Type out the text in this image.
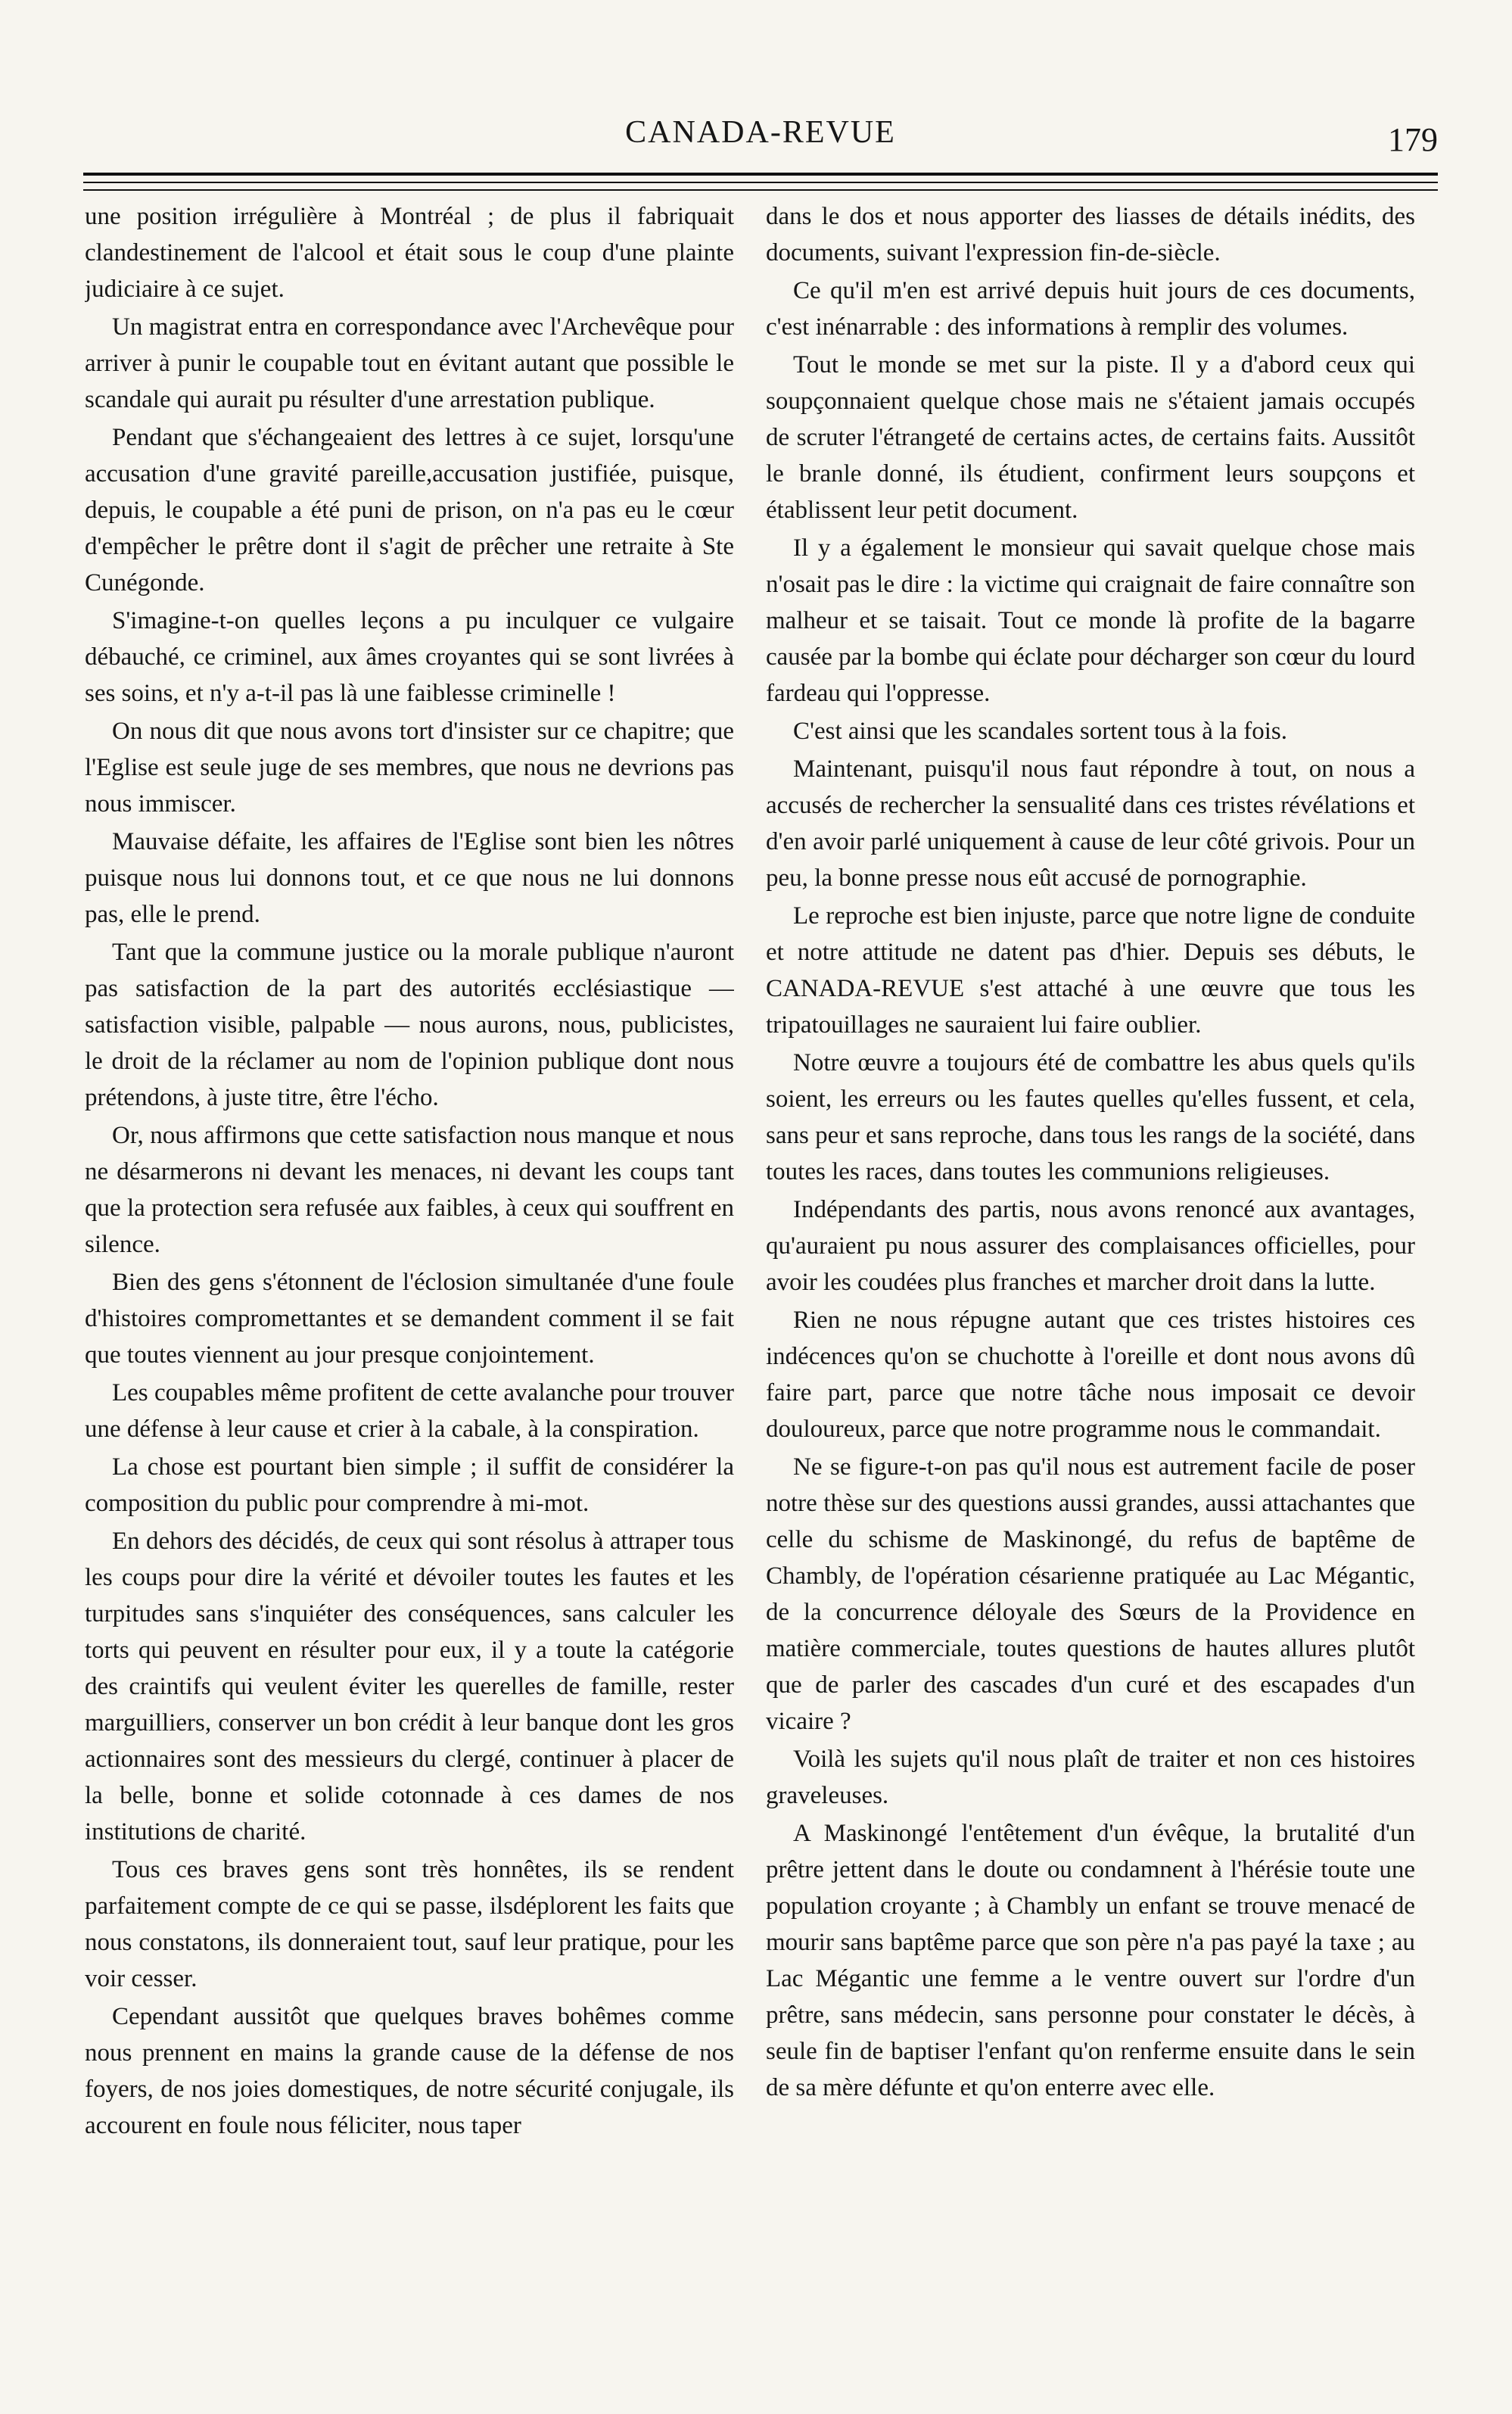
CANADA-REVUE	179

une position irrégulière à Montréal ; de plus il fabriquait clandestinement de l'alcool et était sous le coup d'une plainte judiciaire à ce sujet.

Un magistrat entra en correspondance avec l'Archevêque pour arriver à punir le coupable tout en évitant autant que possible le scandale qui aurait pu résulter d'une arrestation publique.

Pendant que s'échangeaient des lettres à ce sujet, lorsqu'une accusation d'une gravité pareille,accusation justifiée, puisque, depuis, le coupable a été puni de prison, on n'a pas eu le cœur d'empêcher le prêtre dont il s'agit de prêcher une retraite à Ste Cunégonde.

S'imagine-t-on quelles leçons a pu inculquer ce vulgaire débauché, ce criminel, aux âmes croyantes qui se sont livrées à ses soins, et n'y a-t-il pas là une faiblesse criminelle !

On nous dit que nous avons tort d'insister sur ce chapitre; que l'Eglise est seule juge de ses membres, que nous ne devrions pas nous immiscer.

Mauvaise défaite, les affaires de l'Eglise sont bien les nôtres puisque nous lui donnons tout, et ce que nous ne lui donnons pas, elle le prend.

Tant que la commune justice ou la morale publique n'auront pas satisfaction de la part des autorités ecclésiastique — satisfaction visible, palpable — nous aurons, nous, publicistes, le droit de la réclamer au nom de l'opinion publique dont nous prétendons, à juste titre, être l'écho.

Or, nous affirmons que cette satisfaction nous manque et nous ne désarmerons ni devant les menaces, ni devant les coups tant que la protection sera refusée aux faibles, à ceux qui souffrent en silence.

Bien des gens s'étonnent de l'éclosion simultanée d'une foule d'histoires compromettantes et se demandent comment il se fait que toutes viennent au jour presque conjointement.

Les coupables même profitent de cette avalanche pour trouver une défense à leur cause et crier à la cabale, à la conspiration.

La chose est pourtant bien simple ; il suffit de considérer la composition du public pour comprendre à mi-mot.

En dehors des décidés, de ceux qui sont résolus à attraper tous les coups pour dire la vérité et dévoiler toutes les fautes et les turpitudes sans s'inquiéter des conséquences, sans calculer les torts qui peuvent en résulter pour eux, il y a toute la catégorie des craintifs qui veulent éviter les querelles de famille, rester marguilliers, conserver un bon crédit à leur banque dont les gros actionnaires sont des messieurs du clergé, continuer à placer de la belle, bonne et solide cotonnade à ces dames de nos institutions de charité.

Tous ces braves gens sont très honnêtes, ils se rendent parfaitement compte de ce qui se passe, ilsdéplorent les faits que nous constatons, ils donneraient tout, sauf leur pratique, pour les voir cesser.

Cependant aussitôt que quelques braves bohêmes comme nous prennent en mains la grande cause de la défense de nos foyers, de nos joies domestiques, de notre sécurité conjugale, ils accourent en foule nous féliciter, nous taper

dans le dos et nous apporter des liasses de détails inédits, des documents, suivant l'expression fin-de-siècle.

Ce qu'il m'en est arrivé depuis huit jours de ces documents, c'est inénarrable : des informations à remplir des volumes.

Tout le monde se met sur la piste. Il y a d'abord ceux qui soupçonnaient quelque chose mais ne s'étaient jamais occupés de scruter l'étrangeté de certains actes, de certains faits. Aussitôt le branle donné, ils étudient, confirment leurs soupçons et établissent leur petit document.

Il y a également le monsieur qui savait quelque chose mais n'osait pas le dire : la victime qui craignait de faire connaître son malheur et se taisait. Tout ce monde là profite de la bagarre causée par la bombe qui éclate pour décharger son cœur du lourd fardeau qui l'oppresse.

C'est ainsi que les scandales sortent tous à la fois.

Maintenant, puisqu'il nous faut répondre à tout, on nous a accusés de rechercher la sensualité dans ces tristes révélations et d'en avoir parlé uniquement à cause de leur côté grivois. Pour un peu, la bonne presse nous eût accusé de pornographie.

Le reproche est bien injuste, parce que notre ligne de conduite et notre attitude ne datent pas d'hier. Depuis ses débuts, le CANADA-REVUE s'est attaché à une œuvre que tous les tripatouillages ne sauraient lui faire oublier.

Notre œuvre a toujours été de combattre les abus quels qu'ils soient, les erreurs ou les fautes quelles qu'elles fussent, et cela, sans peur et sans reproche, dans tous les rangs de la société, dans toutes les races, dans toutes les communions religieuses.

Indépendants des partis, nous avons renoncé aux avantages, qu'auraient pu nous assurer des complaisances officielles, pour avoir les coudées plus franches et marcher droit dans la lutte.

Rien ne nous répugne autant que ces tristes histoires ces indécences qu'on se chuchotte à l'oreille et dont nous avons dû faire part, parce que notre tâche nous imposait ce devoir douloureux, parce que notre programme nous le commandait.

Ne se figure-t-on pas qu'il nous est autrement facile de poser notre thèse sur des questions aussi grandes, aussi attachantes que celle du schisme de Maskinongé, du refus de baptême de Chambly, de l'opération césarienne pratiquée au Lac Mégantic, de la concurrence déloyale des Sœurs de la Providence en matière commerciale, toutes questions de hautes allures plutôt que de parler des cascades d'un curé et des escapades d'un vicaire ?

Voilà les sujets qu'il nous plaît de traiter et non ces histoires graveleuses.

A Maskinongé l'entêtement d'un évêque, la brutalité d'un prêtre jettent dans le doute ou condamnent à l'hérésie toute une population croyante ; à Chambly un enfant se trouve menacé de mourir sans baptême parce que son père n'a pas payé la taxe ; au Lac Mégantic une femme a le ventre ouvert sur l'ordre d'un prêtre, sans médecin, sans personne pour constater le décès, à seule fin de baptiser l'enfant qu'on renferme ensuite dans le sein de sa mère défunte et qu'on enterre avec elle.
